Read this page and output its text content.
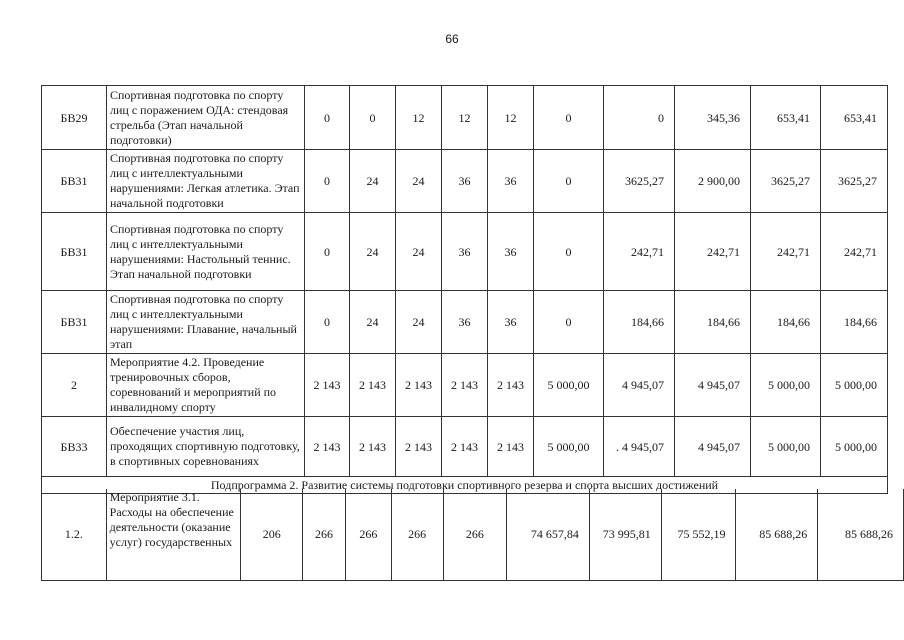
66
БВ29	Спортивная подготовка по спорту лиц с поражением ОДА: стендовая стрельба (Этап начальной подготовки)	0	0	12	12	12	0	0	345,36	653,41	653,41
БВ31	Спортивная подготовка по спорту лиц с интеллектуальными нарушениями: Легкая атлетика. Этап начальной подготовки	0	24	24	36	36	0	3625,27	2 900,00	3625,27	3625,27
БВ31	Спортивная подготовка по спорту лиц с интеллектуальными нарушениями: Настольный теннис. Этап начальной подготовки	0	24	24	36	36	0	242,71	242,71	242,71	242,71
БВ31	Спортивная подготовка по спорту лиц с интеллектуальными нарушениями: Плавание, начальный этап	0	24	24	36	36	0	184,66	184,66	184,66	184,66
2	Мероприятие 4.2. Проведение тренировочных сборов, соревнований и мероприятий по инвалидному спорту	2 143	2 143	2 143	2 143	2 143	5 000,00	4 945,07	4 945,07	5 000,00	5 000,00
БВ33	Обеспечение участия лиц, проходящих спортивную подготовку, в спортивных соревнованиях	2 143	2 143	2 143	2 143	2 143	5 000,00	. 4 945,07	4 945,07	5 000,00	5 000,00
Подпрограмма 2. Развитие системы подготовки спортивного резерва и спорта высших достижений											
1.2.	Мероприятие 3.1. Расходы на обеспечение деятельности (оказание услуг) государственных	206	266	266	266	266	74 657,84	73 995,81	75 552,19	85 688,26	85 688,26
